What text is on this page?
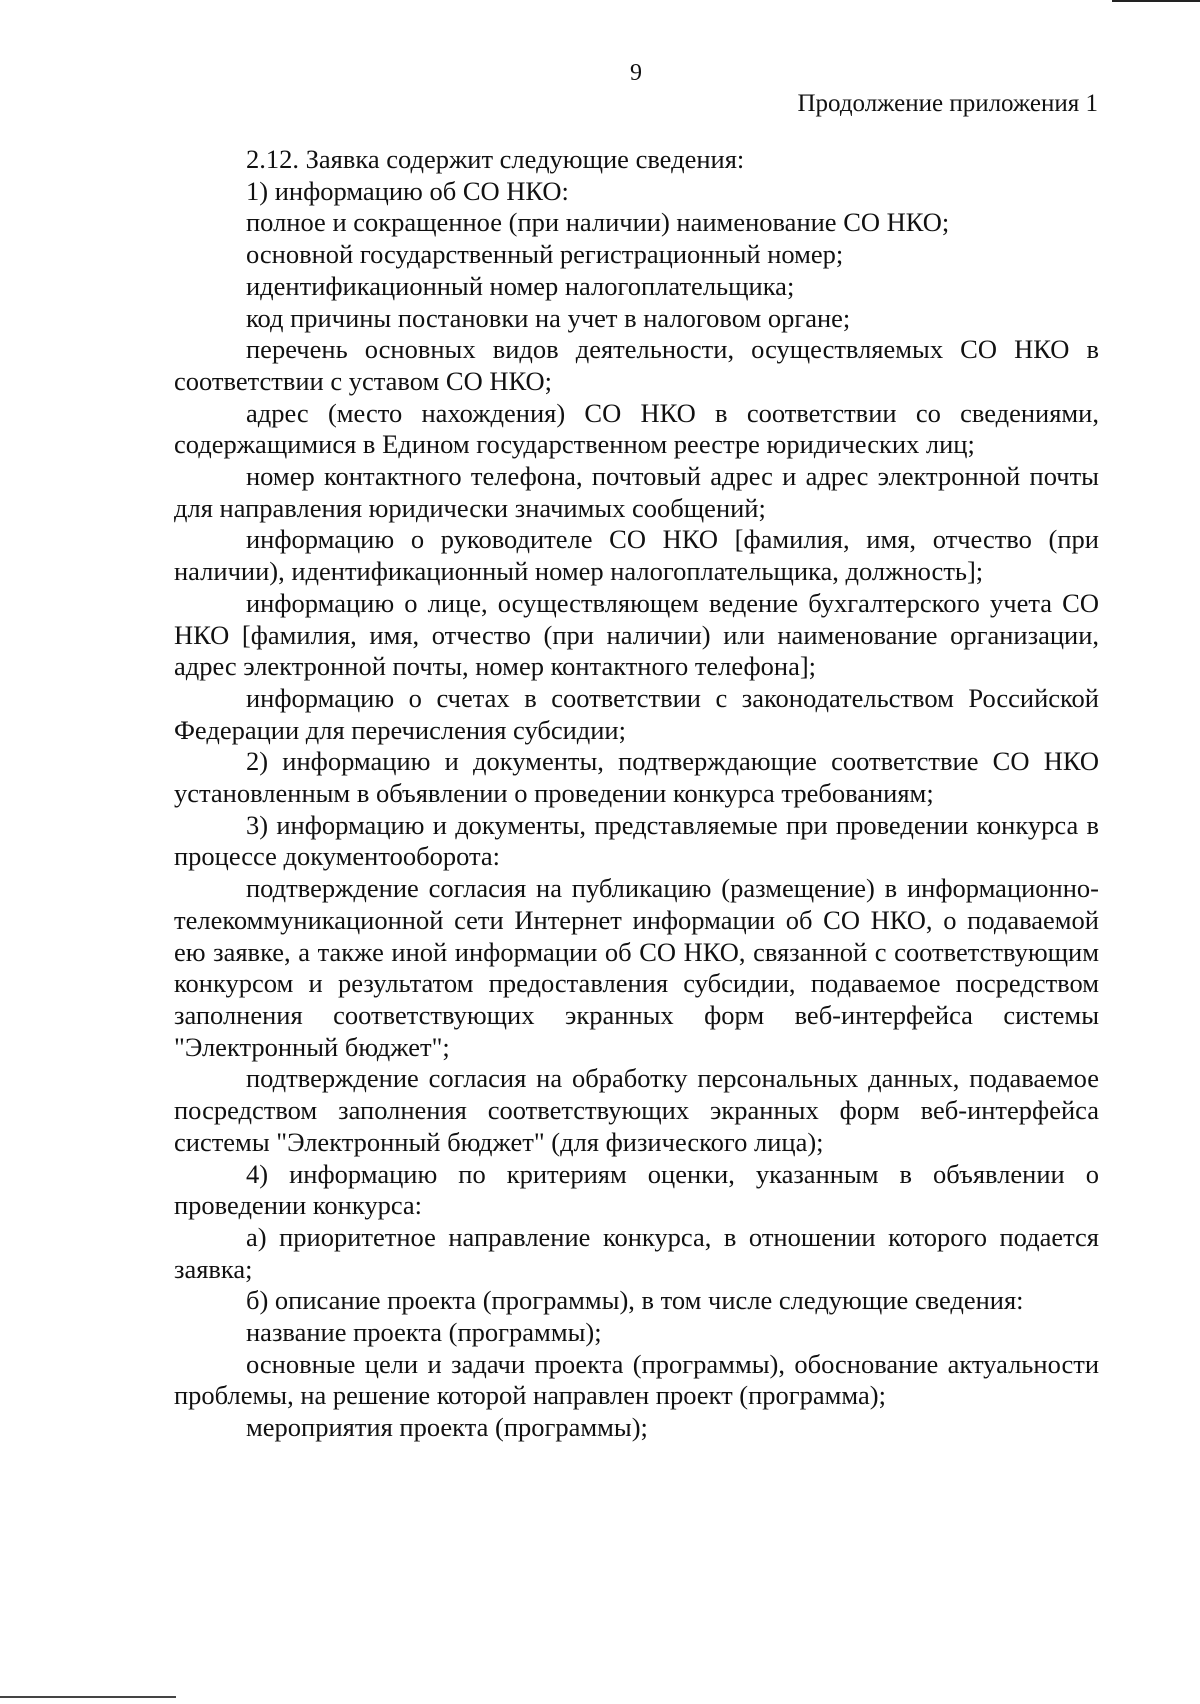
9
Продолжение приложения 1

2.12. Заявка содержит следующие сведения:

1) информацию об СО НКО:

полное и сокращенное (при наличии) наименование СО НКО;

основной государственный регистрационный номер;

идентификационный номер налогоплательщика;

код причины постановки на учет в налоговом органе;

перечень основных видов деятельности, осуществляемых СО НКО в соответствии с уставом СО НКО;

адрес (место нахождения) СО НКО в соответствии со сведениями, содержащимися в Едином государственном реестре юридических лиц;

номер контактного телефона, почтовый адрес и адрес электронной почты для направления юридически значимых сообщений;

информацию о руководителе СО НКО [фамилия, имя, отчество (при наличии), идентификационный номер налогоплательщика, должность];

информацию о лице, осуществляющем ведение бухгалтерского учета СО НКО [фамилия, имя, отчество (при наличии) или наименование организации, адрес электронной почты, номер контактного телефона];

информацию о счетах в соответствии с законодательством Российской Федерации для перечисления субсидии;

2) информацию и документы, подтверждающие соответствие СО НКО установленным в объявлении о проведении конкурса требованиям;

3) информацию и документы, представляемые при проведении конкурса в процессе документооборота:

подтверждение согласия на публикацию (размещение) в информационно-телекоммуникационной сети Интернет информации об СО НКО, о подаваемой ею заявке, а также иной информации об СО НКО, связанной с соответствующим конкурсом и результатом предоставления субсидии, подаваемое посредством заполнения соответствующих экранных форм веб-интерфейса системы "Электронный бюджет";

подтверждение согласия на обработку персональных данных, подаваемое посредством заполнения соответствующих экранных форм веб-интерфейса системы "Электронный бюджет" (для физического лица);

4) информацию по критериям оценки, указанным в объявлении о проведении конкурса:

а) приоритетное направление конкурса, в отношении которого подается заявка;

б) описание проекта (программы), в том числе следующие сведения:

название проекта (программы);

основные цели и задачи проекта (программы), обоснование актуальности проблемы, на решение которой направлен проект (программа);

мероприятия проекта (программы);
